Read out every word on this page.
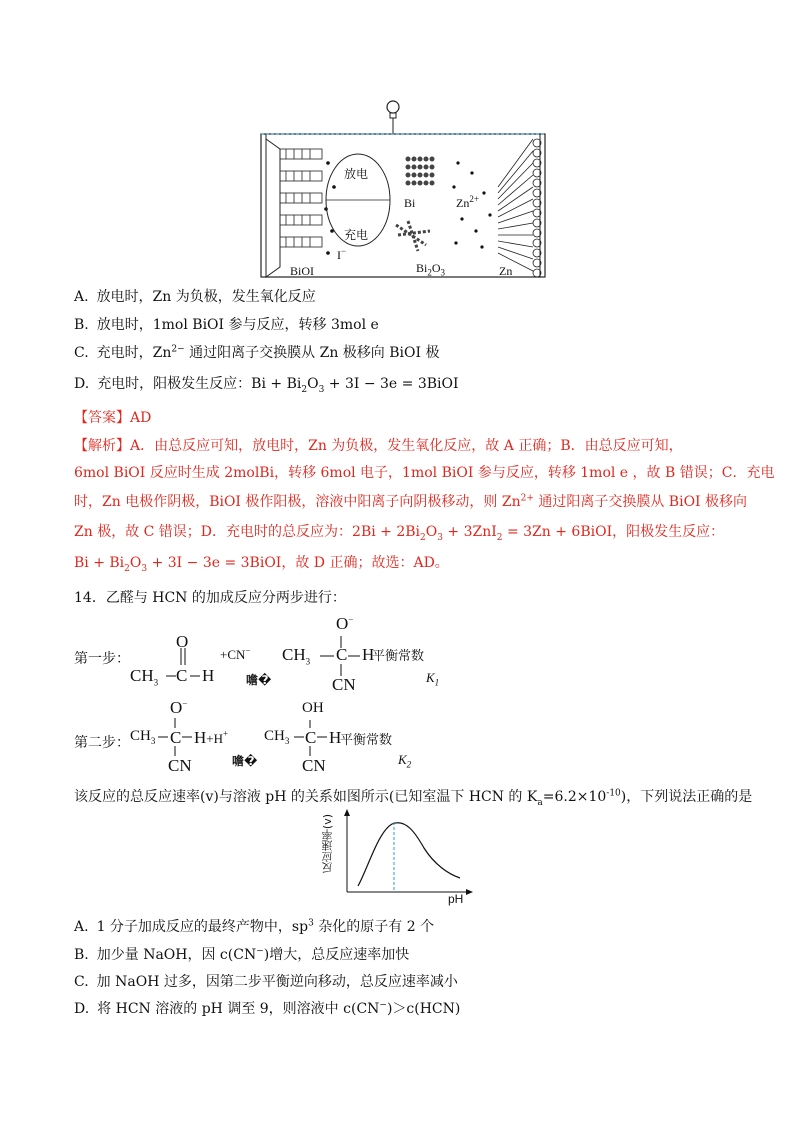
放电
充电
Bi	$Zn^{2+}$
I−
BiOI	$Bi_2O_3$	Zn
A. 放电时，Zn 为负极，发生氧化反应
B. 放电时，1mol BiOI 参与反应，转移 3mol e
C. 充电时，$Zn^{2-}$ 通过阳离子交换膜从 Zn 极移向 BiOI 极
D. 充电时，阳极发生反应：$Bi + Bi_2O_3 + 3I - 3e$ = 3BiOI
【答案】AD
【解析】A．由总反应可知，放电时，Zn 为负极，发生氧化反应，故 A 正确；B．由总反应可知，
6mol BiOI 反应时生成 2molBi，转移 6mol 电子，1mol BiOI 参与反应，转移 1mol e ，故 B 错误；C．充电
时，Zn 电极作阴极，BiOI 极作阳极，溶液中阳离子向阴极移动，则 $Zn^{2+}$ 通过阳离子交换膜从 BiOI 极移向
Zn 极，故 C 错误；D．充电时的总反应为：$2Bi + 2Bi_2O_3 + 3ZnI_2 = 3Zn$ + 6BiOI，阳极发生反应：
$Bi + Bi_2O_3 + 3I - 3e$ = 3BiOI，故 D 正确；故选：AD。
14．乙醛与 HCN 的加成反应分两步进行：
第一步：
O
$CH_3$ C H
+CN−
噡�
O−
$CH_3$ C H
CN
平衡常数
$K_1$
第二步：
O−
$CH_3$ C H+H+
CN	噡�
OH
$CH_3$ C H
CN
平衡常数
$K_2$
该反应的总反应速率(v)与溶液 pH 的关系如图所示(已知室温下 HCN 的 $K_a=6.2\times 10^{-10}$)，下列说法正确的是
反应速率(v)
pH
A. 1 分子加成反应的最终产物中，$sp^3$ 杂化的原子有 2 个
B. 加少量 NaOH，因 c(CN−)增大，总反应速率加快
C. 加 NaOH 过多，因第二步平衡逆向移动，总反应速率减小
D. 将 HCN 溶液的 pH 调至 9，则溶液中 c(CN−)＞c(HCN)
